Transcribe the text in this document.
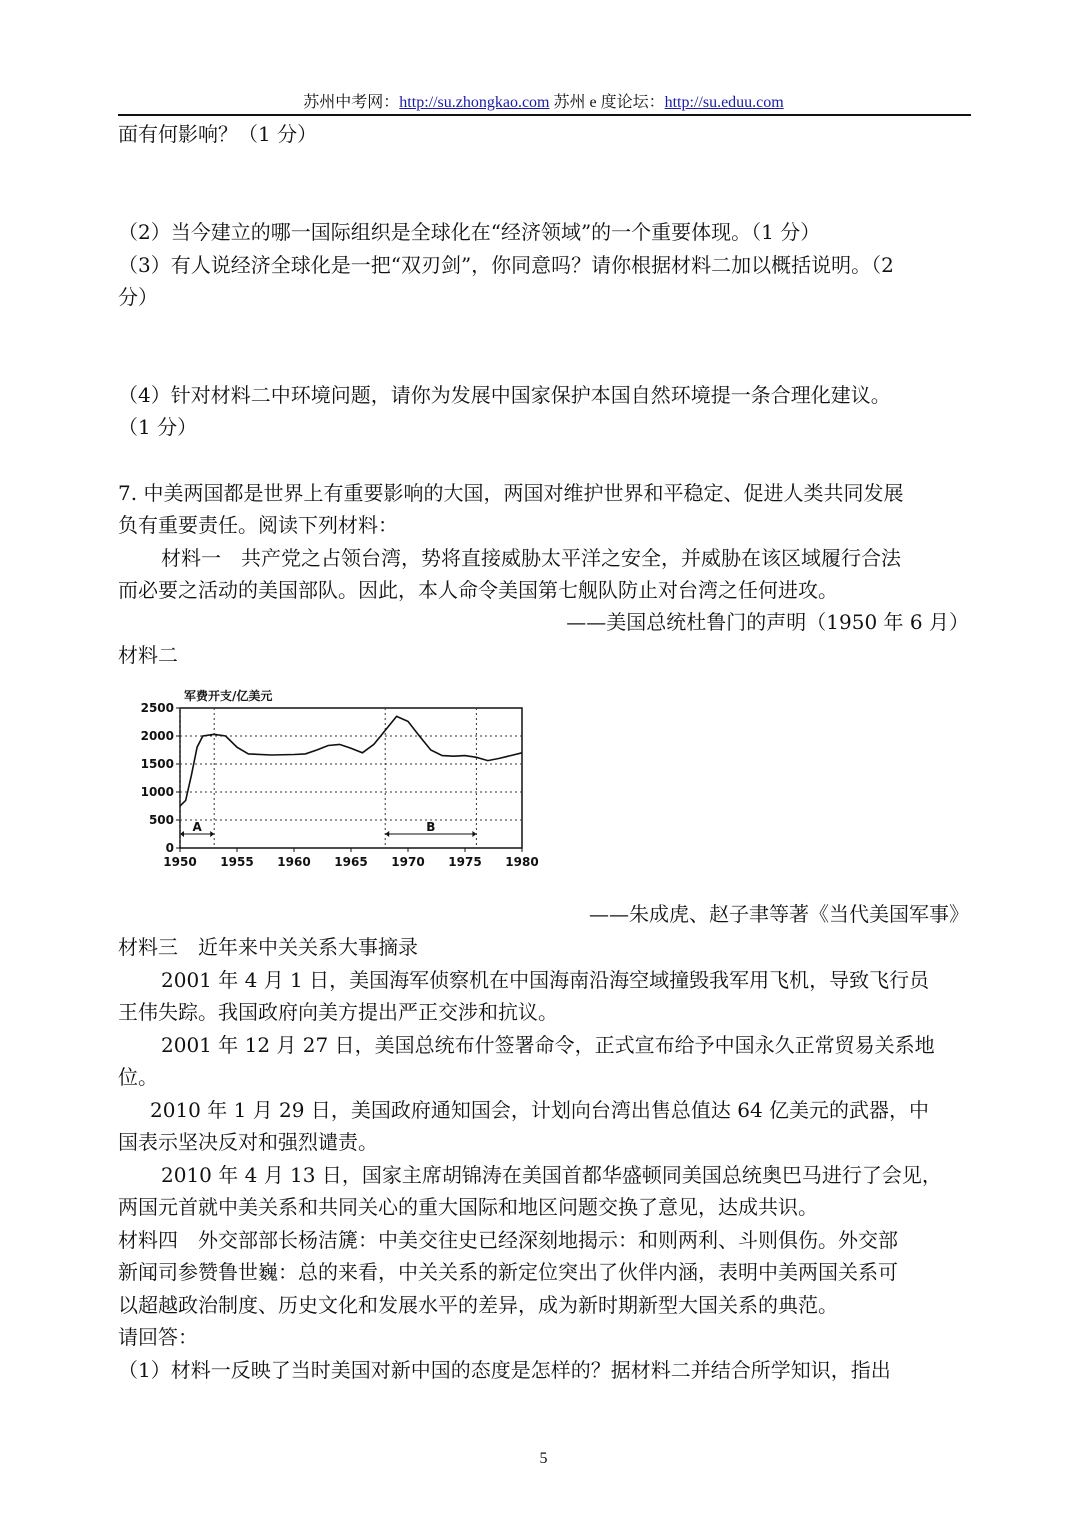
苏州中考网：http://su.zhongkao.com 苏州 e 度论坛：http://su.eduu.com
面有何影响？（1 分）
（2）当今建立的哪一国际组织是全球化在“经济领域”的一个重要体现。（1 分）
（3）有人说经济全球化是一把“双刃剑”，你同意吗？请你根据材料二加以概括说明。（2
分）
（4）针对材料二中环境问题，请你为发展中国家保护本国自然环境提一条合理化建议。
（1 分）
7. 中美两国都是世界上有重要影响的大国，两国对维护世界和平稳定、促进人类共同发展
负有重要责任。阅读下列材料：
材料一　共产党之占领台湾，势将直接威胁太平洋之安全，并威胁在该区域履行合法
而必要之活动的美国部队。因此，本人命令美国第七舰队防止对台湾之任何进攻。
——美国总统杜鲁门的声明（1950 年 6 月）
材料二
军费开支/亿美元
0
500
1000
1500
2000
2500
1950 1955 1960 1965 1970 1975 1980
A	B
——朱成虎、赵子聿等著《当代美国军事》
材料三　近年来中关关系大事摘录
2001 年 4 月 1 日，美国海军侦察机在中国海南沿海空域撞毁我军用飞机，导致飞行员
王伟失踪。我国政府向美方提出严正交涉和抗议。
2001 年 12 月 27 日，美国总统布什签署命令，正式宣布给予中国永久正常贸易关系地
位。
2010 年 1 月 29 日，美国政府通知国会，计划向台湾出售总值达 64 亿美元的武器，中
国表示坚决反对和强烈谴责。
2010 年 4 月 13 日，国家主席胡锦涛在美国首都华盛顿同美国总统奥巴马进行了会见，
两国元首就中美关系和共同关心的重大国际和地区问题交换了意见，达成共识。
材料四　外交部部长杨洁篪：中美交往史已经深刻地揭示：和则两利、斗则俱伤。外交部
新闻司参赞鲁世巍：总的来看，中关关系的新定位突出了伙伴内涵，表明中美两国关系可
以超越政治制度、历史文化和发展水平的差异，成为新时期新型大国关系的典范。
请回答：
（1）材料一反映了当时美国对新中国的态度是怎样的？据材料二并结合所学知识，指出
5
